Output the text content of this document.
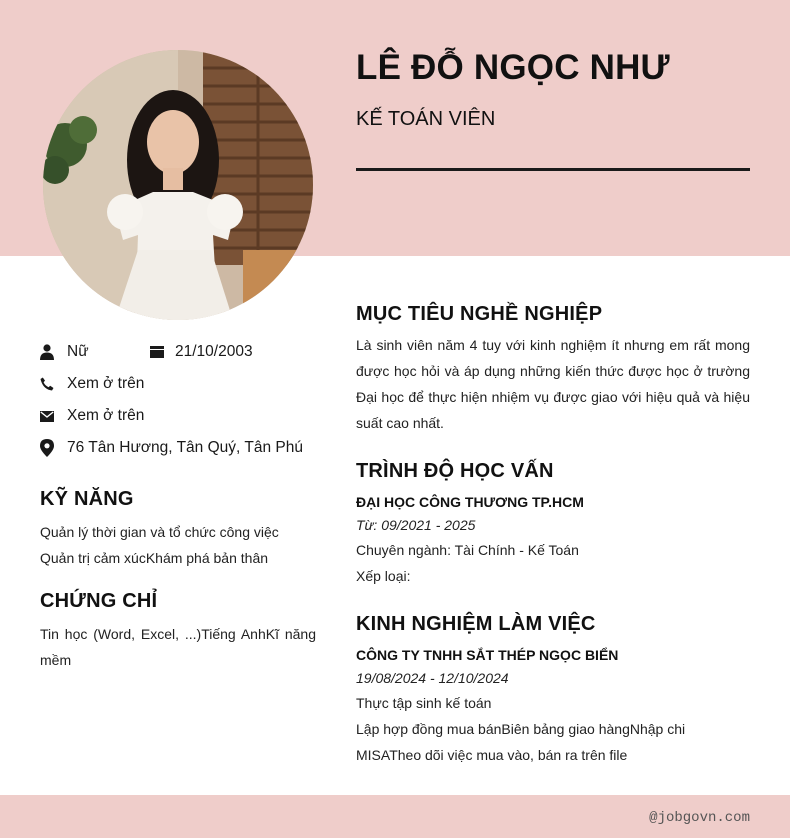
@jobgovn.com
LÊ ĐỖ NGỌC NHƯ
KẾ TOÁN VIÊN
Nữ	21/10/2003
Xem ở trên
Xem ở trên
76 Tân Hương, Tân Quý, Tân Phú
KỸ NĂNG
Quản lý thời gian và tổ chức công việc
Quản trị cảm xúcKhám phá bản thân
CHỨNG CHỈ
Tin học (Word, Excel, ...)Tiếng AnhKĩ năng mềm
MỤC TIÊU NGHỀ NGHIỆP
Là sinh viên năm 4 tuy với kinh nghiệm ít nhưng em rất mong được học hỏi và áp dụng những kiến thức được học ở trường Đại học để thực hiện nhiệm vụ được giao với hiệu quả và hiệu suất cao nhất.
TRÌNH ĐỘ HỌC VẤN
ĐẠI HỌC CÔNG THƯƠNG TP.HCM
Từ: 09/2021 - 2025
Chuyên ngành: Tài Chính - Kế Toán
Xếp loại:
KINH NGHIỆM LÀM VIỆC
CÔNG TY TNHH SẮT THÉP NGỌC BIỂN
19/08/2024 - 12/10/2024
Thực tập sinh kế toán
Lập hợp đồng mua bánBiên bảng giao hàngNhập chi MISATheo dõi việc mua vào, bán ra trên file
